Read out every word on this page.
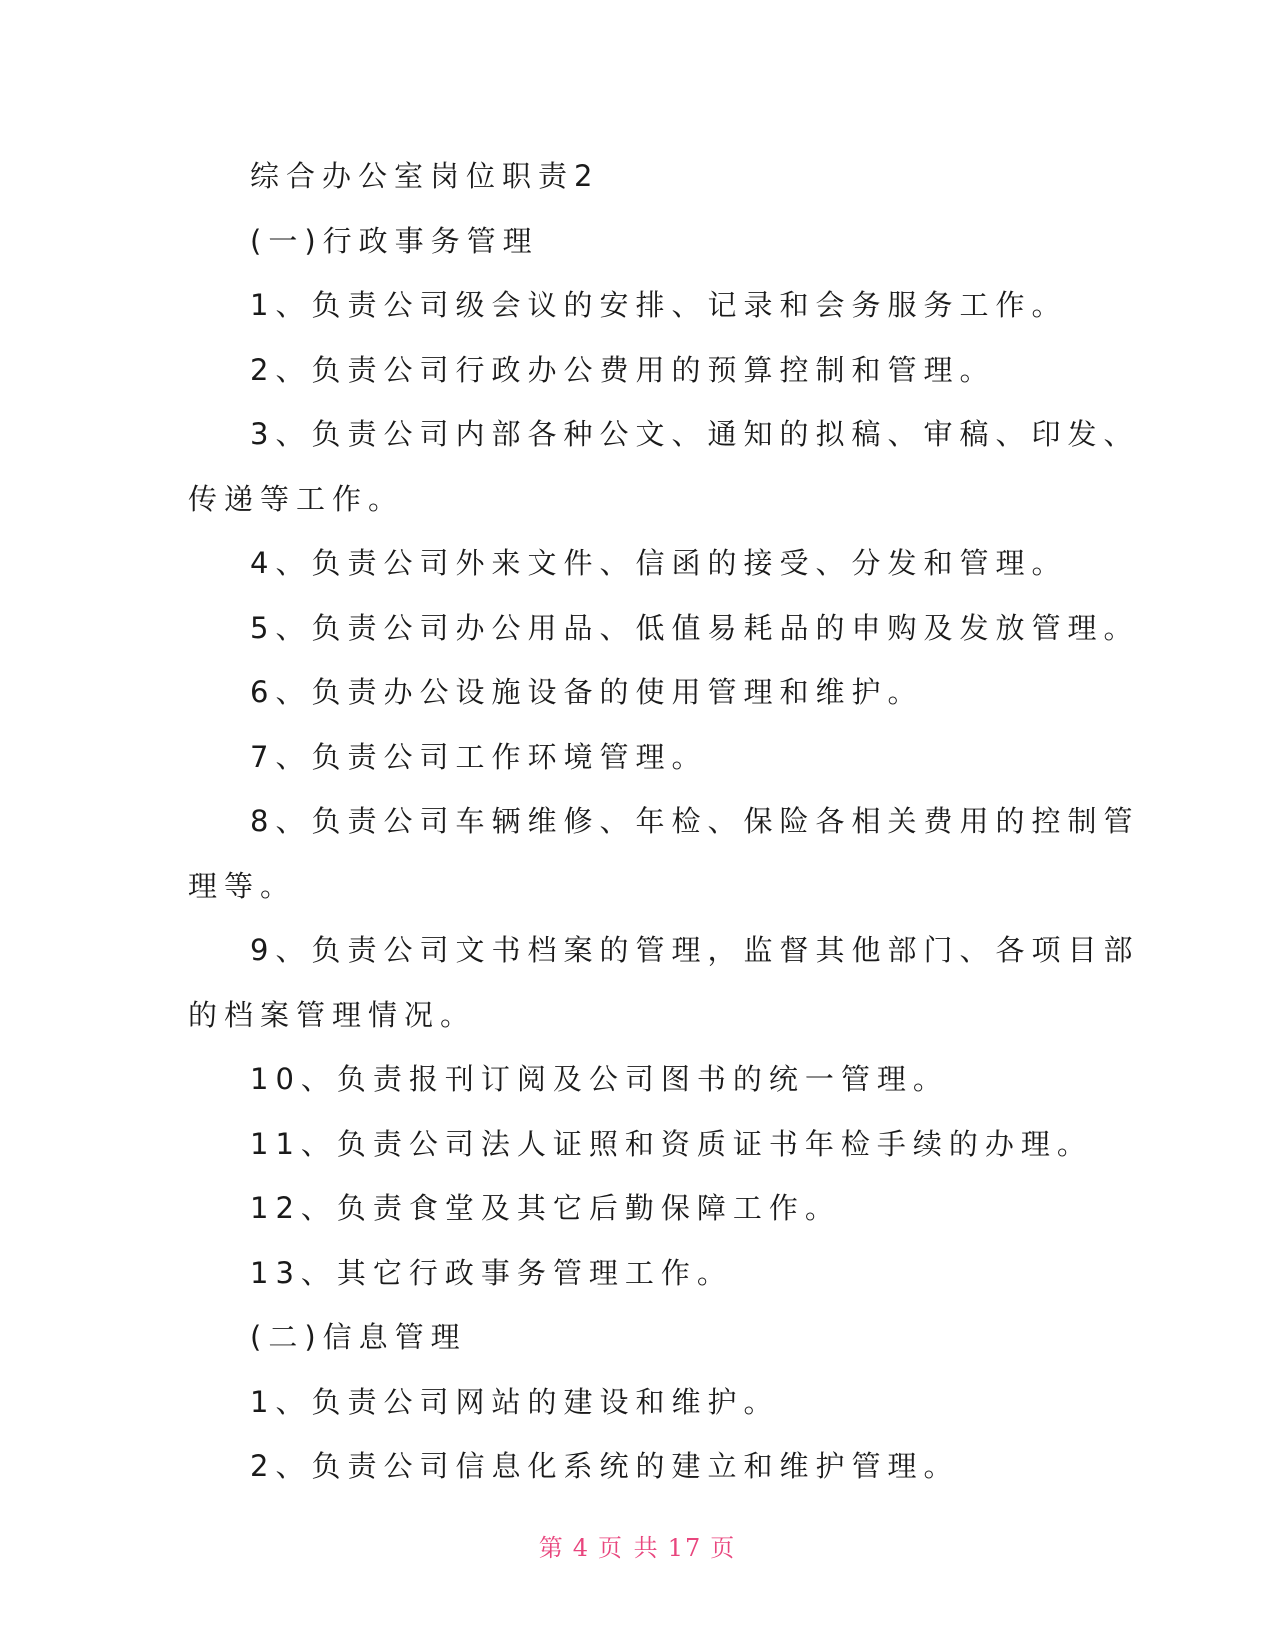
综合办公室岗位职责2
(一)行政事务管理
1、负责公司级会议的安排、记录和会务服务工作。
2、负责公司行政办公费用的预算控制和管理。
3、负责公司内部各种公文、通知的拟稿、审稿、印发、
传递等工作。
4、负责公司外来文件、信函的接受、分发和管理。
5、负责公司办公用品、低值易耗品的申购及发放管理。
6、负责办公设施设备的使用管理和维护。
7、负责公司工作环境管理。
8、负责公司车辆维修、年检、保险各相关费用的控制管
理等。
9、负责公司文书档案的管理，监督其他部门、各项目部
的档案管理情况。
10、负责报刊订阅及公司图书的统一管理。
11、负责公司法人证照和资质证书年检手续的办理。
12、负责食堂及其它后勤保障工作。
13、其它行政事务管理工作。
(二)信息管理
1、负责公司网站的建设和维护。
2、负责公司信息化系统的建立和维护管理。
第 4 页 共 17 页
